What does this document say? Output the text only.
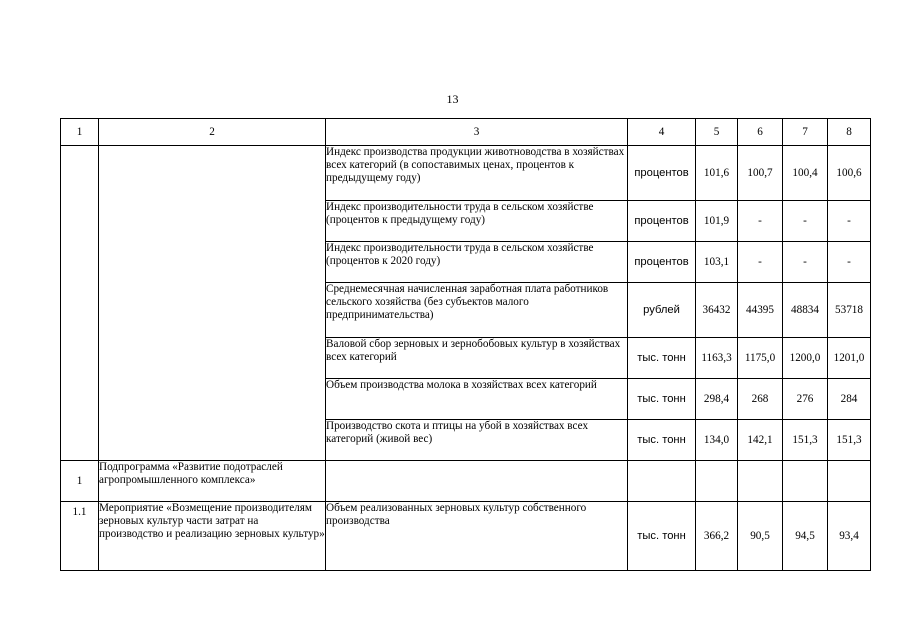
13
1	2	3	4	5	6	7	8
		Индекс производства продукции животноводства в хозяйствах всех категорий (в сопоставимых ценах, процентов к предыдущему году)	процентов	101,6	100,7	100,4	100,6
		Индекс производительности труда в сельском хозяйстве (процентов к предыдущему году)	процентов	101,9	-	-	-
		Индекс производительности труда в сельском хозяйстве (процентов к 2020 году)	процентов	103,1	-	-	-
		Среднемесячная начисленная заработная плата работников сельского хозяйства (без субъектов малого предпринимательства)	рублей	36432	44395	48834	53718
		Валовой сбор зерновых и зернобобовых культур в хозяйствах всех категорий	тыс. тонн	1163,3	1175,0	1200,0	1201,0
		Объем производства молока в хозяйствах всех категорий	тыс. тонн	298,4	268	276	284
		Производство скота и птицы на убой в хозяйствах всех категорий (живой вес)	тыс. тонн	134,0	142,1	151,3	151,3
1	Подпрограмма «Развитие подотраслей агропромышленного комплекса»						
1.1	Мероприятие «Возмещение производителям зерновых культур части затрат на производство и реализацию зерновых культур»	Объем реализованных зерновых культур собственного производства	тыс. тонн	366,2	90,5	94,5	93,4
